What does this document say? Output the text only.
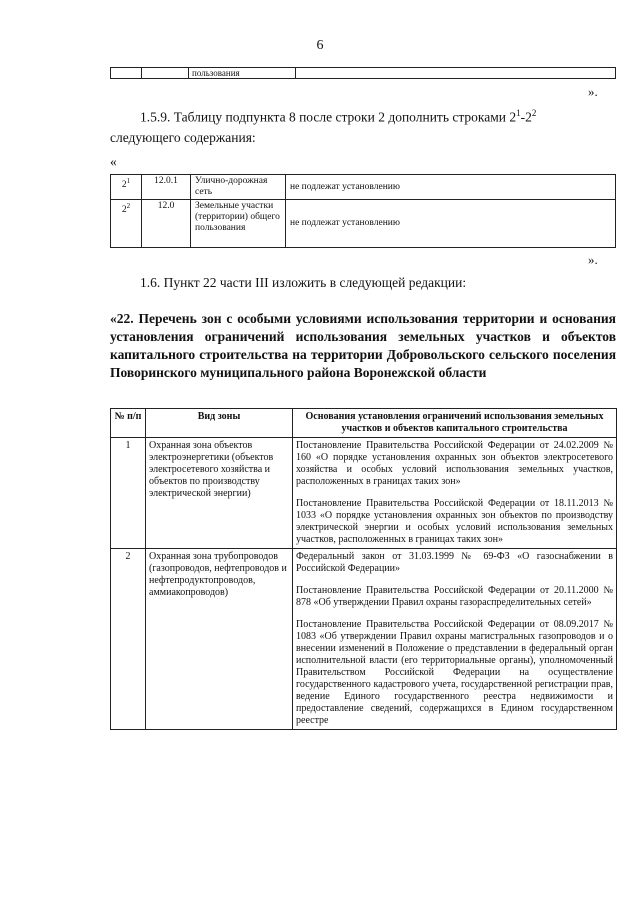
6
		пользования	
».
1.5.9. Таблицу подпункта 8 после строки 2 дополнить строками $2^1-2^2$
следующего содержания:
«
$2^1$	12.0.1	Улично-дорожная сеть	не подлежат установлению
$2^2$	12.0	Земельные участки (территории) общего пользования	не подлежат установлению
».
1.6. Пункт 22 части III изложить в следующей редакции:
«22. Перечень зон с особыми условиями использования территории и основания установления ограничений использования земельных участков и объектов капитального строительства на территории Добровольского сельского поселения Поворинского муниципального района Воронежской области
№ п/п	Вид зоны	Основания установления ограничений использования земельных участков и объектов капитального строительства
1	Охранная зона объектов электроэнергетики (объектов электросетевого хозяйства и объектов по производству электрической энергии)	Постановление Правительства Российской Федерации от 24.02.2009 № 160 «О порядке установления охранных зон объектов электросетевого хозяйства и особых условий использования земельных участков, расположенных в границах таких зон»

Постановление Правительства Российской Федерации от 18.11.2013 № 1033 «О порядке установления охранных зон объектов по производству электрической энергии и особых условий использования земельных участков, расположенных в границах таких зон»

2	Охранная зона трубопроводов (газопроводов, нефтепроводов и нефтепродуктопроводов, аммиакопроводов)	Федеральный закон от 31.03.1999 № 69-ФЗ «О газоснабжении в Российской Федерации»

Постановление Правительства Российской Федерации от 20.11.2000 № 878 «Об утверждении Правил охраны газораспределительных сетей»

Постановление Правительства Российской Федерации от 08.09.2017 № 1083 «Об утверждении Правил охраны магистральных газопроводов и о внесении изменений в Положение о представлении в федеральный орган исполнительной власти (его территориальные органы), уполномоченный Правительством Российской Федерации на осуществление государственного кадастрового учета, государственной регистрации прав, ведение Единого государственного реестра недвижимости и предоставление сведений, содержащихся в Едином государственном реестре
